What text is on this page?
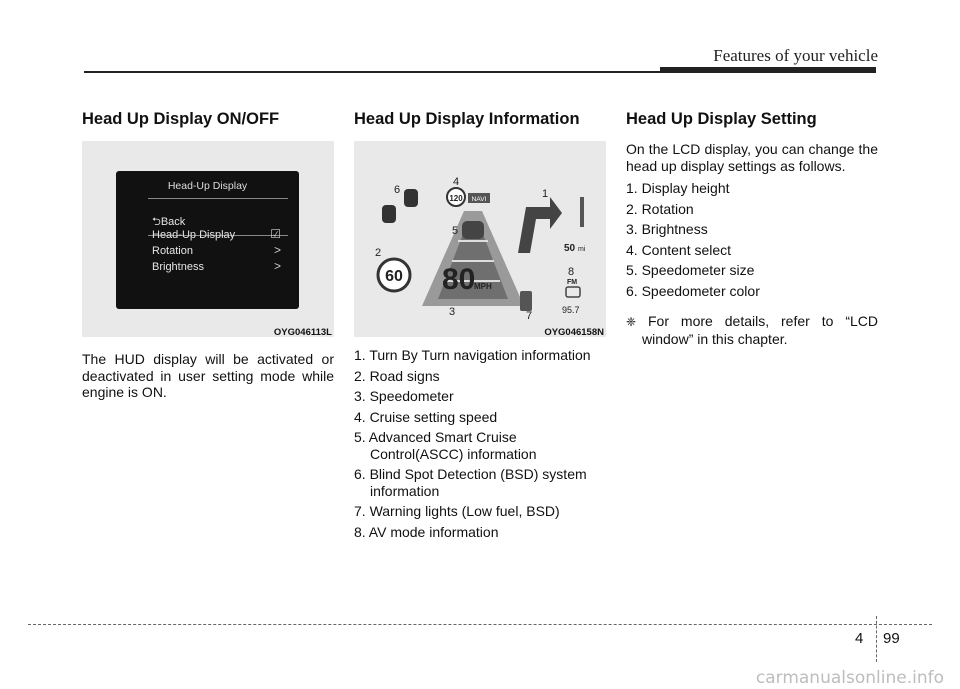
Features of your vehicle
Head Up Display ON/OFF
Head-Up Display
⮌Back
Head-Up Display	☑
Rotation	>
Brightness	>
OYG046113L

The HUD display will be activated or deactivated in user setting mode while engine is ON.

Head Up Display Information
120 NAVI
60 80
MPH
50 mi
FM
95.7
1
2
3
4
5
6
7
8
OYG046158N
1. Turn By Turn navigation information
2. Road signs
3. Speedometer
4. Cruise setting speed
5. Advanced Smart Cruise Control(ASCC) information
6. Blind Spot Detection (BSD) system information
7. Warning lights (Low fuel, BSD)
8. AV mode information
Head Up Display Setting

On the LCD display, you can change the head up display settings as follows.

1. Display height
2. Rotation
3. Brightness
4. Content select
5. Speedometer size
6. Speedometer color
❈ For more details, refer to “LCD window” in this chapter.
4 99
carmanualsonline.info
